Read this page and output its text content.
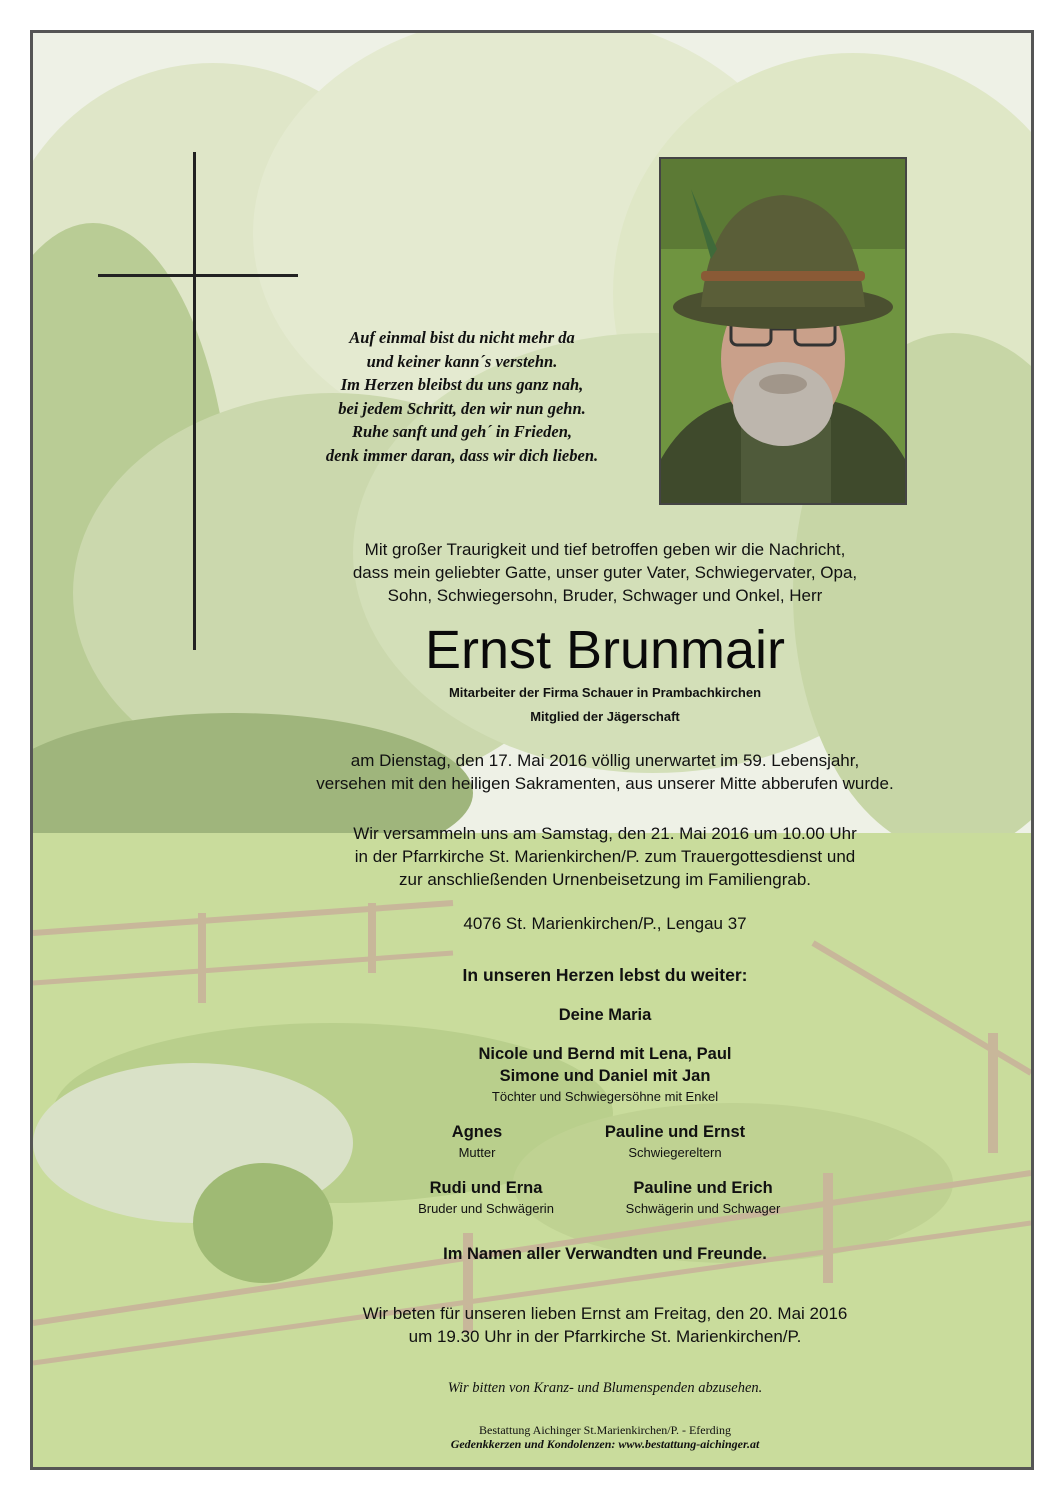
Auf einmal bist du nicht mehr da
und keiner kann´s verstehn.
Im Herzen bleibst du uns ganz nah,
bei jedem Schritt, den wir nun gehn.
Ruhe sanft und geh´ in Frieden,
denk immer daran, dass wir dich lieben.
Mit großer Traurigkeit und tief betroffen geben wir die Nachricht,
dass mein geliebter Gatte, unser guter Vater, Schwiegervater, Opa,
Sohn, Schwiegersohn, Bruder, Schwager und Onkel, Herr
Ernst Brunmair
Mitarbeiter der Firma Schauer in Prambachkirchen
Mitglied der Jägerschaft
am Dienstag, den 17. Mai 2016 völlig unerwartet im 59. Lebensjahr,
versehen mit den heiligen Sakramenten, aus unserer Mitte abberufen wurde.
Wir versammeln uns am Samstag, den 21. Mai 2016 um 10.00 Uhr
in der Pfarrkirche St. Marienkirchen/P. zum Trauergottesdienst und
zur anschließenden Urnenbeisetzung im Familiengrab.
4076 St. Marienkirchen/P., Lengau 37
In unseren Herzen lebst du weiter:
Deine Maria
Nicole und Bernd mit Lena, Paul
Simone und Daniel mit Jan
Töchter und Schwiegersöhne mit Enkel
Agnes
Mutter
Pauline und Ernst
Schwiegereltern
Rudi und Erna
Bruder und Schwägerin
Pauline und Erich
Schwägerin und Schwager
Im Namen aller Verwandten und Freunde.
Wir beten für unseren lieben Ernst am Freitag, den 20. Mai 2016
um 19.30 Uhr in der Pfarrkirche St. Marienkirchen/P.
Wir bitten von Kranz- und Blumenspenden abzusehen.
Bestattung Aichinger St.Marienkirchen/P. - Eferding
Gedenkkerzen und Kondolenzen: www.bestattung-aichinger.at
